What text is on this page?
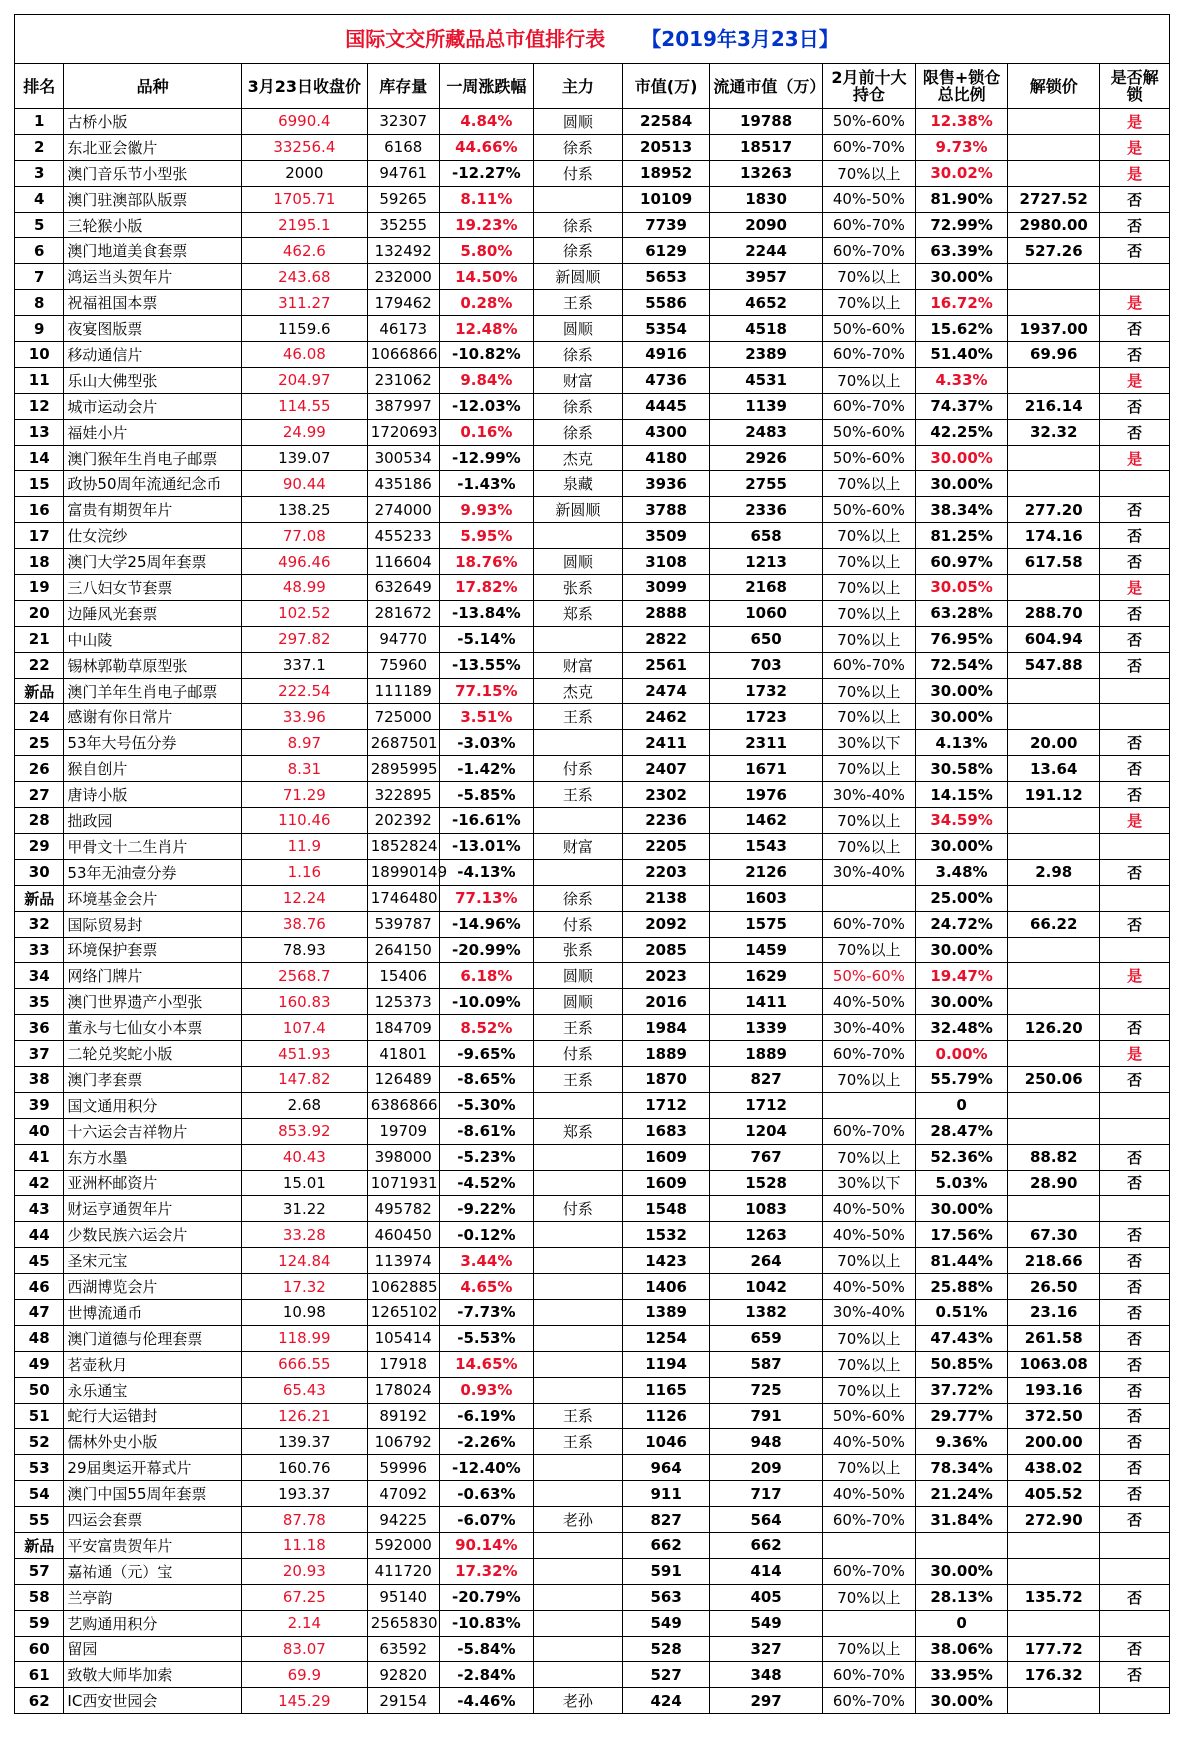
国际文交所藏品总市值排行表 【2019年3月23日】
排名	品种	3月23日收盘价	库存量	一周涨跌幅	主力	市值(万)	流通市值（万）	2月前十大持仓	限售+锁仓总比例	解锁价	是否解锁
1	古桥小版	6990.4	32307	4.84%	圆顺	22584	19788	50%-60%	12.38%		是
2	东北亚会徽片	33256.4	6168	44.66%	徐系	20513	18517	60%-70%	9.73%		是
3	澳门音乐节小型张	2000	94761	-12.27%	付系	18952	13263	70%以上	30.02%		是
4	澳门驻澳部队版票	1705.71	59265	8.11%		10109	1830	40%-50%	81.90%	2727.52	否
5	三轮猴小版	2195.1	35255	19.23%	徐系	7739	2090	60%-70%	72.99%	2980.00	否
6	澳门地道美食套票	462.6	132492	5.80%	徐系	6129	2244	60%-70%	63.39%	527.26	否
7	鸿运当头贺年片	243.68	232000	14.50%	新圆顺	5653	3957	70%以上	30.00%		
8	祝福祖国本票	311.27	179462	0.28%	王系	5586	4652	70%以上	16.72%		是
9	夜宴图版票	1159.6	46173	12.48%	圆顺	5354	4518	50%-60%	15.62%	1937.00	否
10	移动通信片	46.08	1066866	-10.82%	徐系	4916	2389	60%-70%	51.40%	69.96	否
11	乐山大佛型张	204.97	231062	9.84%	财富	4736	4531	70%以上	4.33%		是
12	城市运动会片	114.55	387997	-12.03%	徐系	4445	1139	60%-70%	74.37%	216.14	否
13	福娃小片	24.99	1720693	0.16%	徐系	4300	2483	50%-60%	42.25%	32.32	否
14	澳门猴年生肖电子邮票	139.07	300534	-12.99%	杰克	4180	2926	50%-60%	30.00%		是
15	政协50周年流通纪念币	90.44	435186	-1.43%	泉藏	3936	2755	70%以上	30.00%		
16	富贵有期贺年片	138.25	274000	9.93%	新圆顺	3788	2336	50%-60%	38.34%	277.20	否
17	仕女浣纱	77.08	455233	5.95%		3509	658	70%以上	81.25%	174.16	否
18	澳门大学25周年套票	496.46	116604	18.76%	圆顺	3108	1213	70%以上	60.97%	617.58	否
19	三八妇女节套票	48.99	632649	17.82%	张系	3099	2168	70%以上	30.05%		是
20	边陲风光套票	102.52	281672	-13.84%	郑系	2888	1060	70%以上	63.28%	288.70	否
21	中山陵	297.82	94770	-5.14%		2822	650	70%以上	76.95%	604.94	否
22	锡林郭勒草原型张	337.1	75960	-13.55%	财富	2561	703	60%-70%	72.54%	547.88	否
新品	澳门羊年生肖电子邮票	222.54	111189	77.15%	杰克	2474	1732	70%以上	30.00%		
24	感谢有你日常片	33.96	725000	3.51%	王系	2462	1723	70%以上	30.00%		
25	53年大号伍分券	8.97	2687501	-3.03%		2411	2311	30%以下	4.13%	20.00	否
26	猴自创片	8.31	2895995	-1.42%	付系	2407	1671	70%以上	30.58%	13.64	否
27	唐诗小版	71.29	322895	-5.85%	王系	2302	1976	30%-40%	14.15%	191.12	否
28	拙政园	110.46	202392	-16.61%		2236	1462	70%以上	34.59%		是
29	甲骨文十二生肖片	11.9	1852824	-13.01%	财富	2205	1543	70%以上	30.00%		
30	53年无油壹分券	1.16	18990149	-4.13%		2203	2126	30%-40%	3.48%	2.98	否
新品	环境基金会片	12.24	1746480	77.13%	徐系	2138	1603		25.00%		
32	国际贸易封	38.76	539787	-14.96%	付系	2092	1575	60%-70%	24.72%	66.22	否
33	环境保护套票	78.93	264150	-20.99%	张系	2085	1459	70%以上	30.00%		
34	网络门牌片	2568.7	15406	6.18%	圆顺	2023	1629	50%-60%	19.47%		是
35	澳门世界遗产小型张	160.83	125373	-10.09%	圆顺	2016	1411	40%-50%	30.00%		
36	董永与七仙女小本票	107.4	184709	8.52%	王系	1984	1339	30%-40%	32.48%	126.20	否
37	二轮兑奖蛇小版	451.93	41801	-9.65%	付系	1889	1889	60%-70%	0.00%		是
38	澳门孝套票	147.82	126489	-8.65%	王系	1870	827	70%以上	55.79%	250.06	否
39	国文通用积分	2.68	6386866	-5.30%		1712	1712		0		
40	十六运会吉祥物片	853.92	19709	-8.61%	郑系	1683	1204	60%-70%	28.47%		
41	东方水墨	40.43	398000	-5.23%		1609	767	70%以上	52.36%	88.82	否
42	亚洲杯邮资片	15.01	1071931	-4.52%		1609	1528	30%以下	5.03%	28.90	否
43	财运亨通贺年片	31.22	495782	-9.22%	付系	1548	1083	40%-50%	30.00%		
44	少数民族六运会片	33.28	460450	-0.12%		1532	1263	40%-50%	17.56%	67.30	否
45	圣宋元宝	124.84	113974	3.44%		1423	264	70%以上	81.44%	218.66	否
46	西湖博览会片	17.32	1062885	4.65%		1406	1042	40%-50%	25.88%	26.50	否
47	世博流通币	10.98	1265102	-7.73%		1389	1382	30%-40%	0.51%	23.16	否
48	澳门道德与伦理套票	118.99	105414	-5.53%		1254	659	70%以上	47.43%	261.58	否
49	茗壶秋月	666.55	17918	14.65%		1194	587	70%以上	50.85%	1063.08	否
50	永乐通宝	65.43	178024	0.93%		1165	725	70%以上	37.72%	193.16	否
51	蛇行大运错封	126.21	89192	-6.19%	王系	1126	791	50%-60%	29.77%	372.50	否
52	儒林外史小版	139.37	106792	-2.26%	王系	1046	948	40%-50%	9.36%	200.00	否
53	29届奥运开幕式片	160.76	59996	-12.40%		964	209	70%以上	78.34%	438.02	否
54	澳门中国55周年套票	193.37	47092	-0.63%		911	717	40%-50%	21.24%	405.52	否
55	四运会套票	87.78	94225	-6.07%	老孙	827	564	60%-70%	31.84%	272.90	否
新品	平安富贵贺年片	11.18	592000	90.14%		662	662				
57	嘉祐通（元）宝	20.93	411720	17.32%		591	414	60%-70%	30.00%		
58	兰亭韵	67.25	95140	-20.79%		563	405	70%以上	28.13%	135.72	否
59	艺购通用积分	2.14	2565830	-10.83%		549	549		0		
60	留园	83.07	63592	-5.84%		528	327	70%以上	38.06%	177.72	否
61	致敬大师毕加索	69.9	92820	-2.84%		527	348	60%-70%	33.95%	176.32	否
62	IC西安世园会	145.29	29154	-4.46%	老孙	424	297	60%-70%	30.00%		
